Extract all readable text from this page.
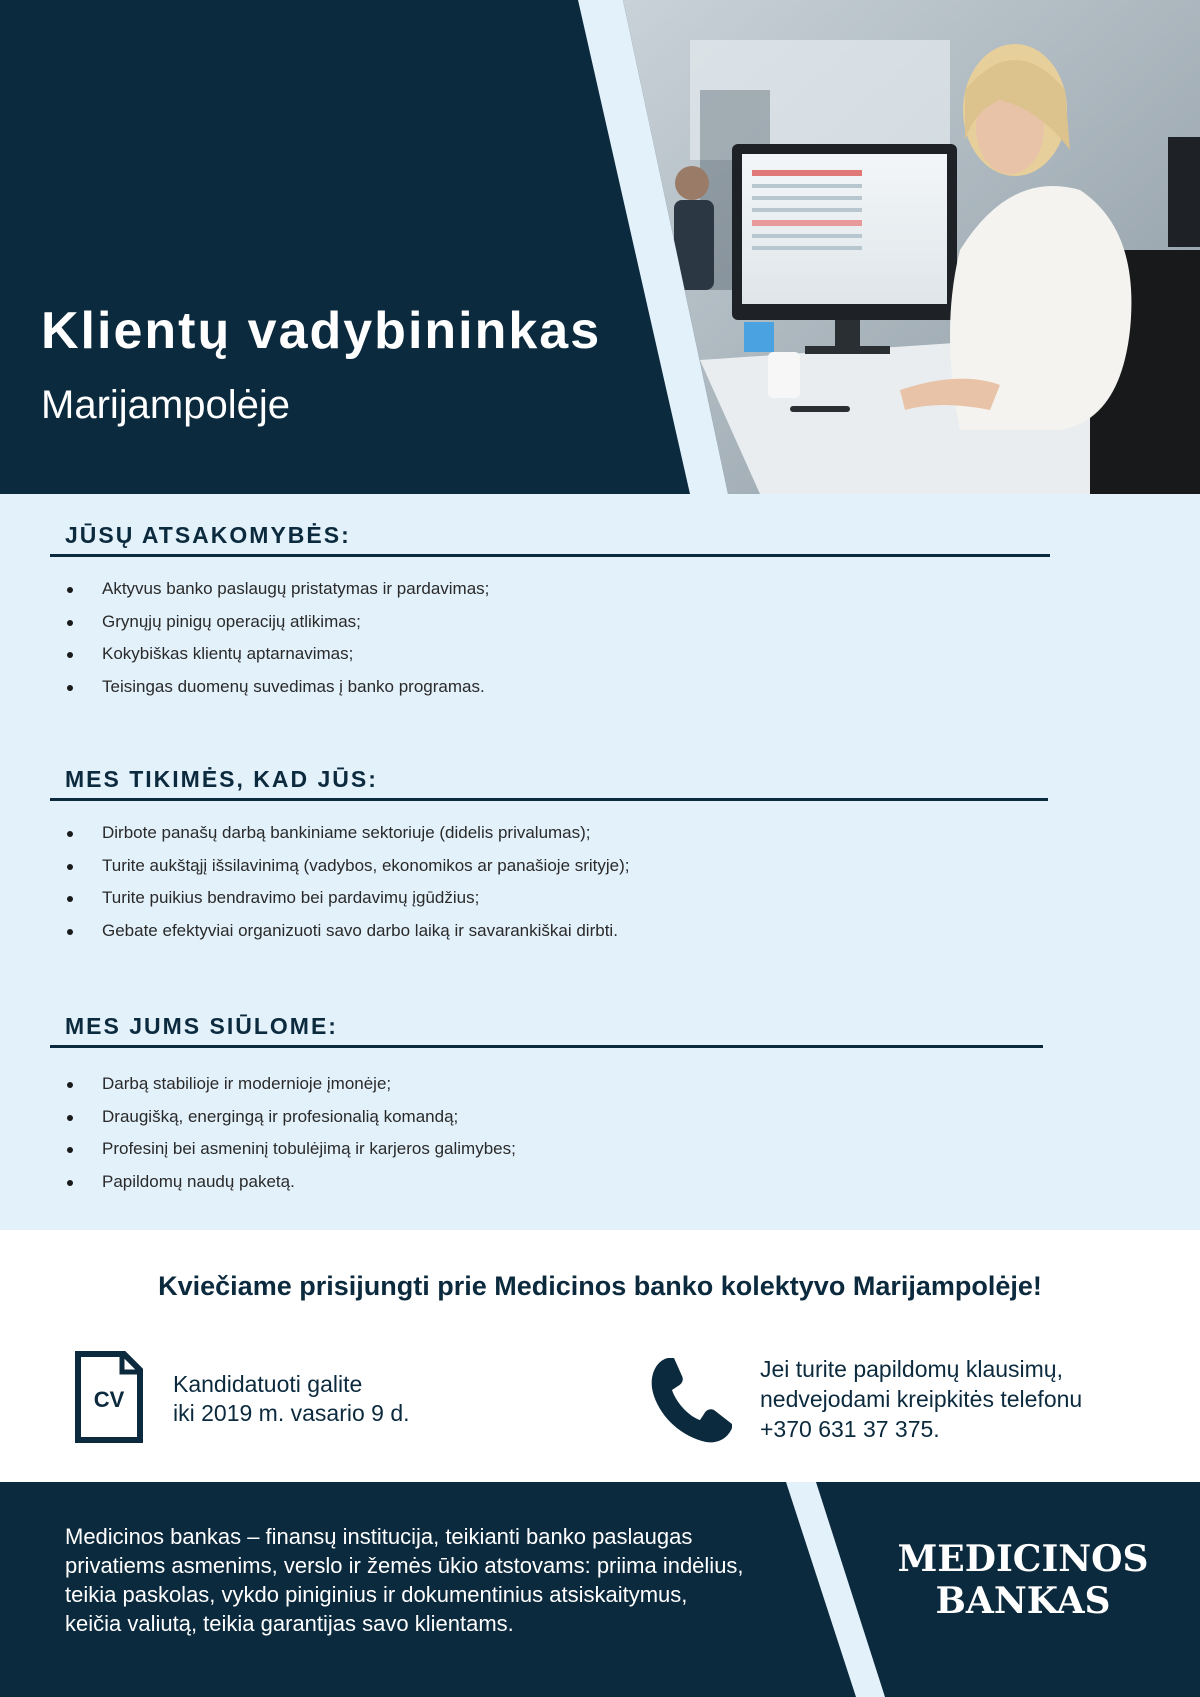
Klientų vadybininkas

Marijampolėje

JŪSŲ ATSAKOMYBĖS:
Aktyvus banko paslaugų pristatymas ir pardavimas;
Grynųjų pinigų operacijų atlikimas;
Kokybiškas klientų aptarnavimas;
Teisingas duomenų suvedimas į banko programas.
MES TIKIMĖS, KAD JŪS:
Dirbote panašų darbą bankiniame sektoriuje (didelis privalumas);
Turite aukštąjį išsilavinimą (vadybos, ekonomikos ar panašioje srityje);
Turite puikius bendravimo bei pardavimų įgūdžius;
Gebate efektyviai organizuoti savo darbo laiką ir savarankiškai dirbti.
MES JUMS SIŪLOME:
Darbą stabilioje ir modernioje įmonėje;
Draugišką, energingą ir profesionalią komandą;
Profesinį bei asmeninį tobulėjimą ir karjeros galimybes;
Papildomų naudų paketą.

Kviečiame prisijungti prie Medicinos banko kolektyvo Marijampolėje!

CV

Kandidatuoti galite
iki 2019 m. vasario 9 d.

Jei turite papildomų klausimų,
nedvejodami kreipkitės telefonu
+370 631 37 375.

Medicinos bankas – finansų institucija, teikianti banko paslaugas
privatiems asmenims, verslo ir žemės ūkio atstovams: priima indėlius,
teikia paskolas, vykdo piniginius ir dokumentinius atsiskaitymus,
keičia valiutą, teikia garantijas savo klientams.

MEDICINOS
BANKAS
